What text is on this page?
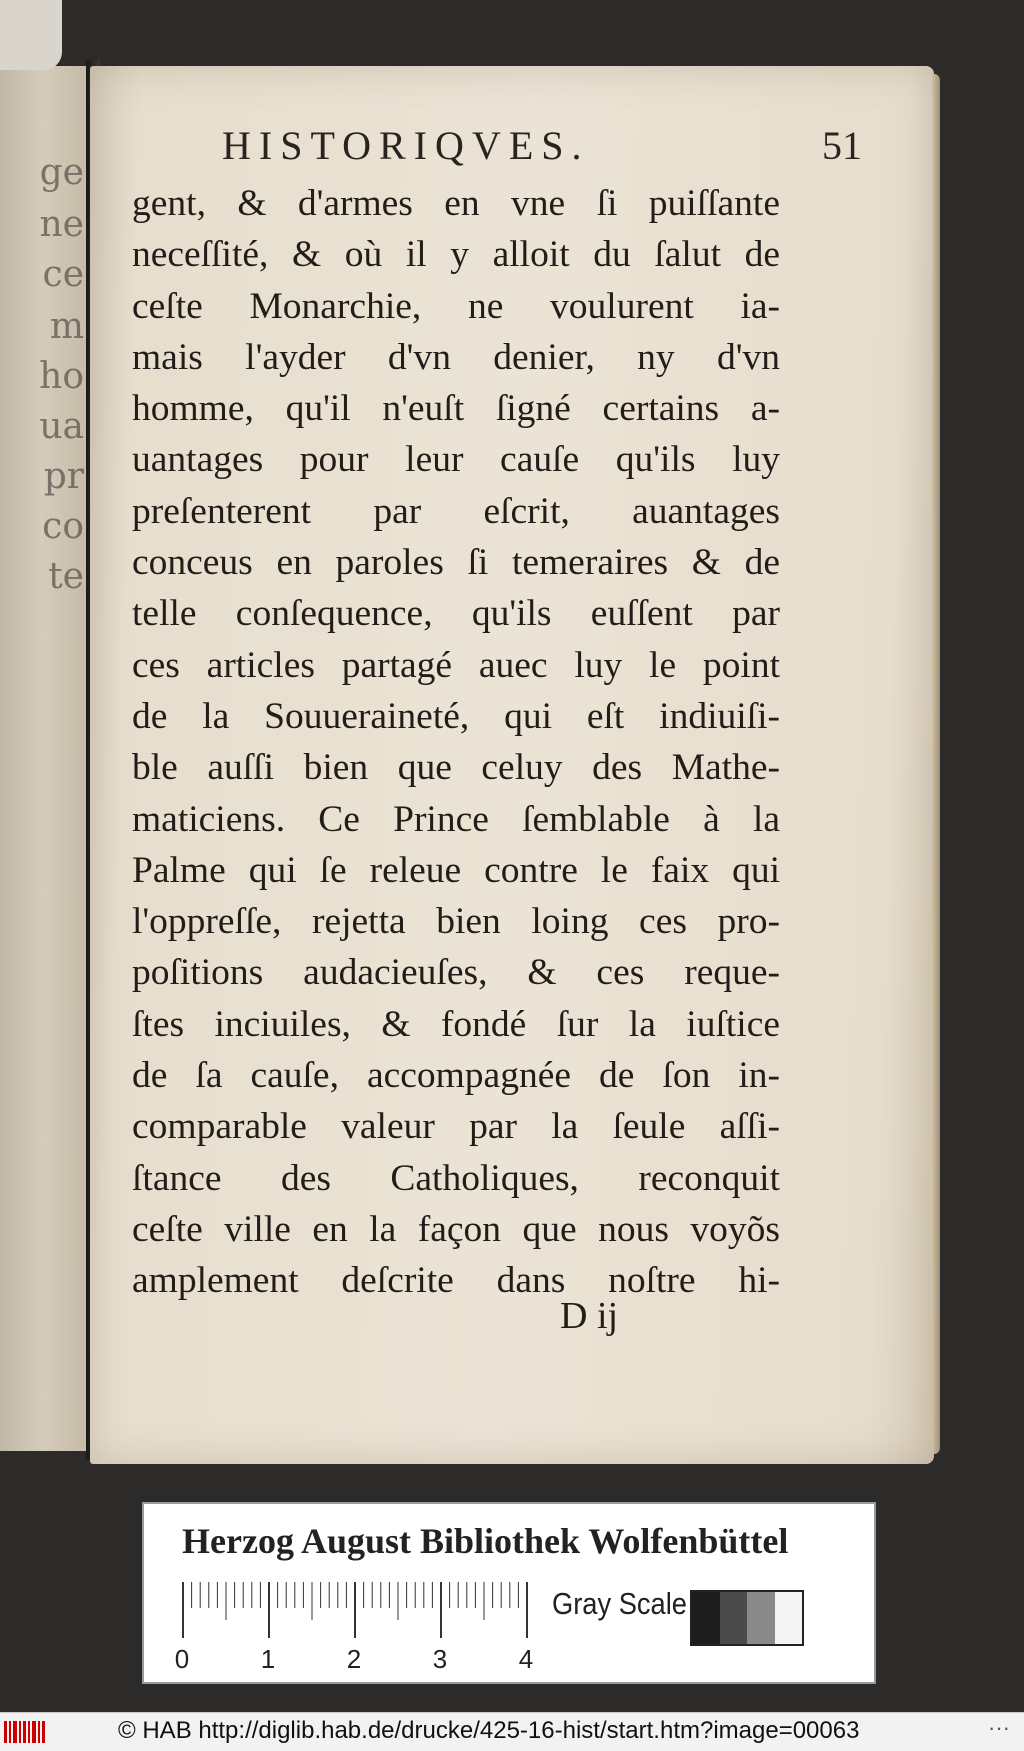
ge
ne
ce
m
ho
ua
pr
co
te
HISTORIQVES.	51
gent, & d'armes en vne ſi puiſſante
neceſſité, & où il y alloit du ſalut de
ceſte Monarchie, ne voulurent ia-
mais l'ayder d'vn denier, ny d'vn
homme, qu'il n'euſt ſigné certains a-
uantages pour leur cauſe qu'ils luy
preſenterent par eſcrit, auantages
conceus en paroles ſi temeraires & de
telle conſequence, qu'ils euſſent par
ces articles partagé auec luy le point
de la Souueraineté, qui eſt indiuiſi-
ble auſſi bien que celuy des Mathe-
maticiens. Ce Prince ſemblable à la
Palme qui ſe releue contre le faix qui
l'oppreſſe, rejetta bien loing ces pro-
poſitions audacieuſes, & ces reque-
ſtes inciuiles, & fondé ſur la iuſtice
de ſa cauſe, accompagnée de ſon in-
comparable valeur par la ſeule aſſi-
ſtance des Catholiques, reconquit
ceſte ville en la façon que nous voyõs
amplement deſcrite dans noſtre hi-
D ij
Herzog August Bibliothek Wolfenbüttel
0	1	2	3	4
Gray Scale
© HAB http://diglib.hab.de/drucke/425-16-hist/start.htm?image=00063	···
